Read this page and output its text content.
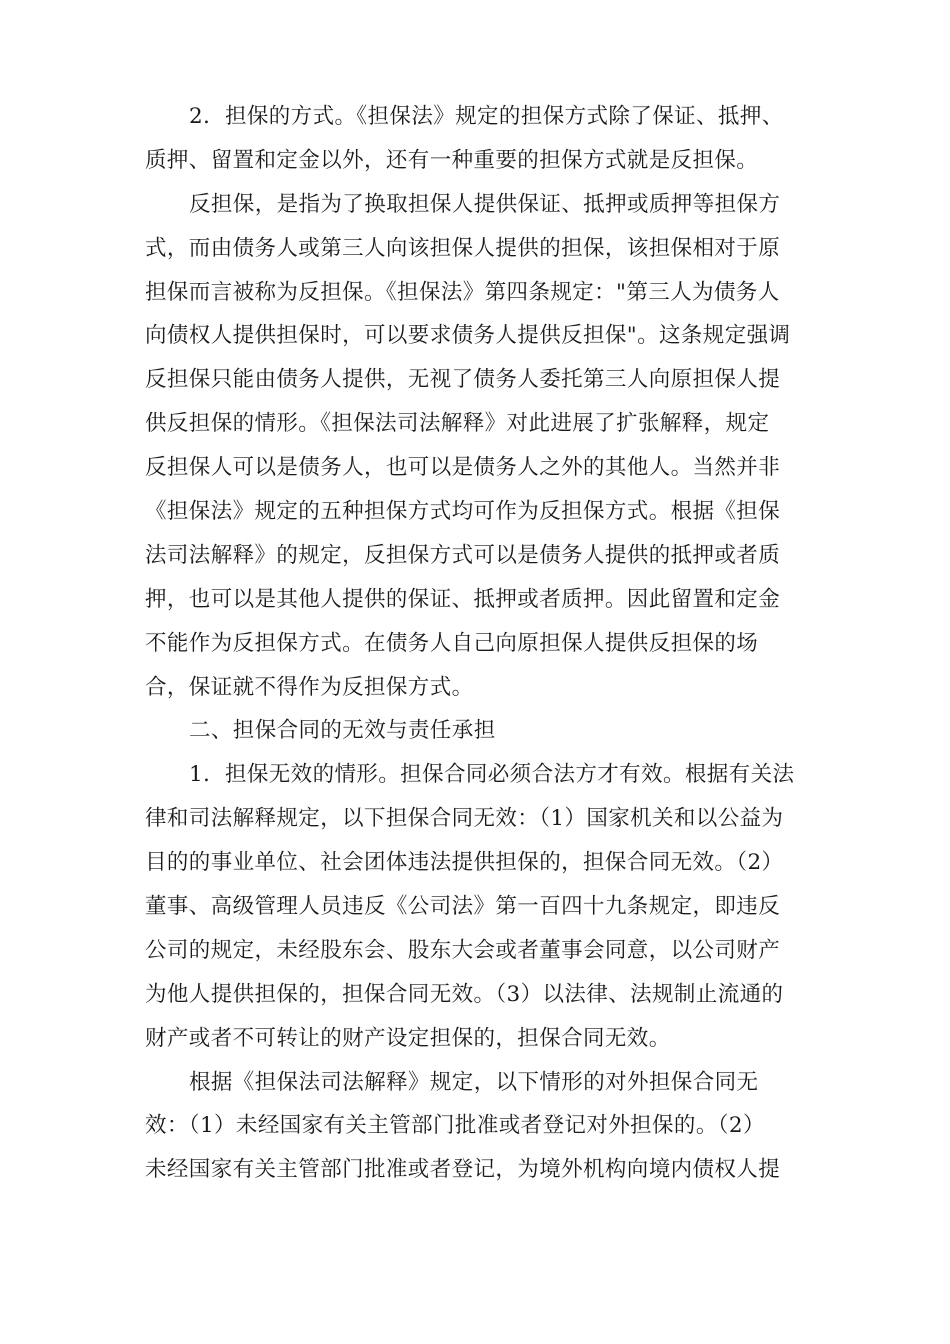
2．担保的方式。《担保法》规定的担保方式除了保证、抵押、
质押、留置和定金以外，还有一种重要的担保方式就是反担保。
反担保，是指为了换取担保人提供保证、抵押或质押等担保方
式，而由债务人或第三人向该担保人提供的担保，该担保相对于原
担保而言被称为反担保。《担保法》第四条规定："第三人为债务人
向债权人提供担保时，可以要求债务人提供反担保"。这条规定强调
反担保只能由债务人提供，无视了债务人委托第三人向原担保人提
供反担保的情形。《担保法司法解释》对此进展了扩张解释，规定
反担保人可以是债务人，也可以是债务人之外的其他人。当然并非
《担保法》规定的五种担保方式均可作为反担保方式。根据《担保
法司法解释》的规定，反担保方式可以是债务人提供的抵押或者质
押，也可以是其他人提供的保证、抵押或者质押。因此留置和定金
不能作为反担保方式。在债务人自己向原担保人提供反担保的场
合，保证就不得作为反担保方式。
二、担保合同的无效与责任承担
1．担保无效的情形。担保合同必须合法方才有效。根据有关法
律和司法解释规定，以下担保合同无效：（1）国家机关和以公益为
目的的事业单位、社会团体违法提供担保的，担保合同无效。（2）
董事、高级管理人员违反《公司法》第一百四十九条规定，即违反
公司的规定，未经股东会、股东大会或者董事会同意，以公司财产
为他人提供担保的，担保合同无效。（3）以法律、法规制止流通的
财产或者不可转让的财产设定担保的，担保合同无效。
根据《担保法司法解释》规定，以下情形的对外担保合同无
效：（1）未经国家有关主管部门批准或者登记对外担保的。（2）
未经国家有关主管部门批准或者登记，为境外机构向境内债权人提
